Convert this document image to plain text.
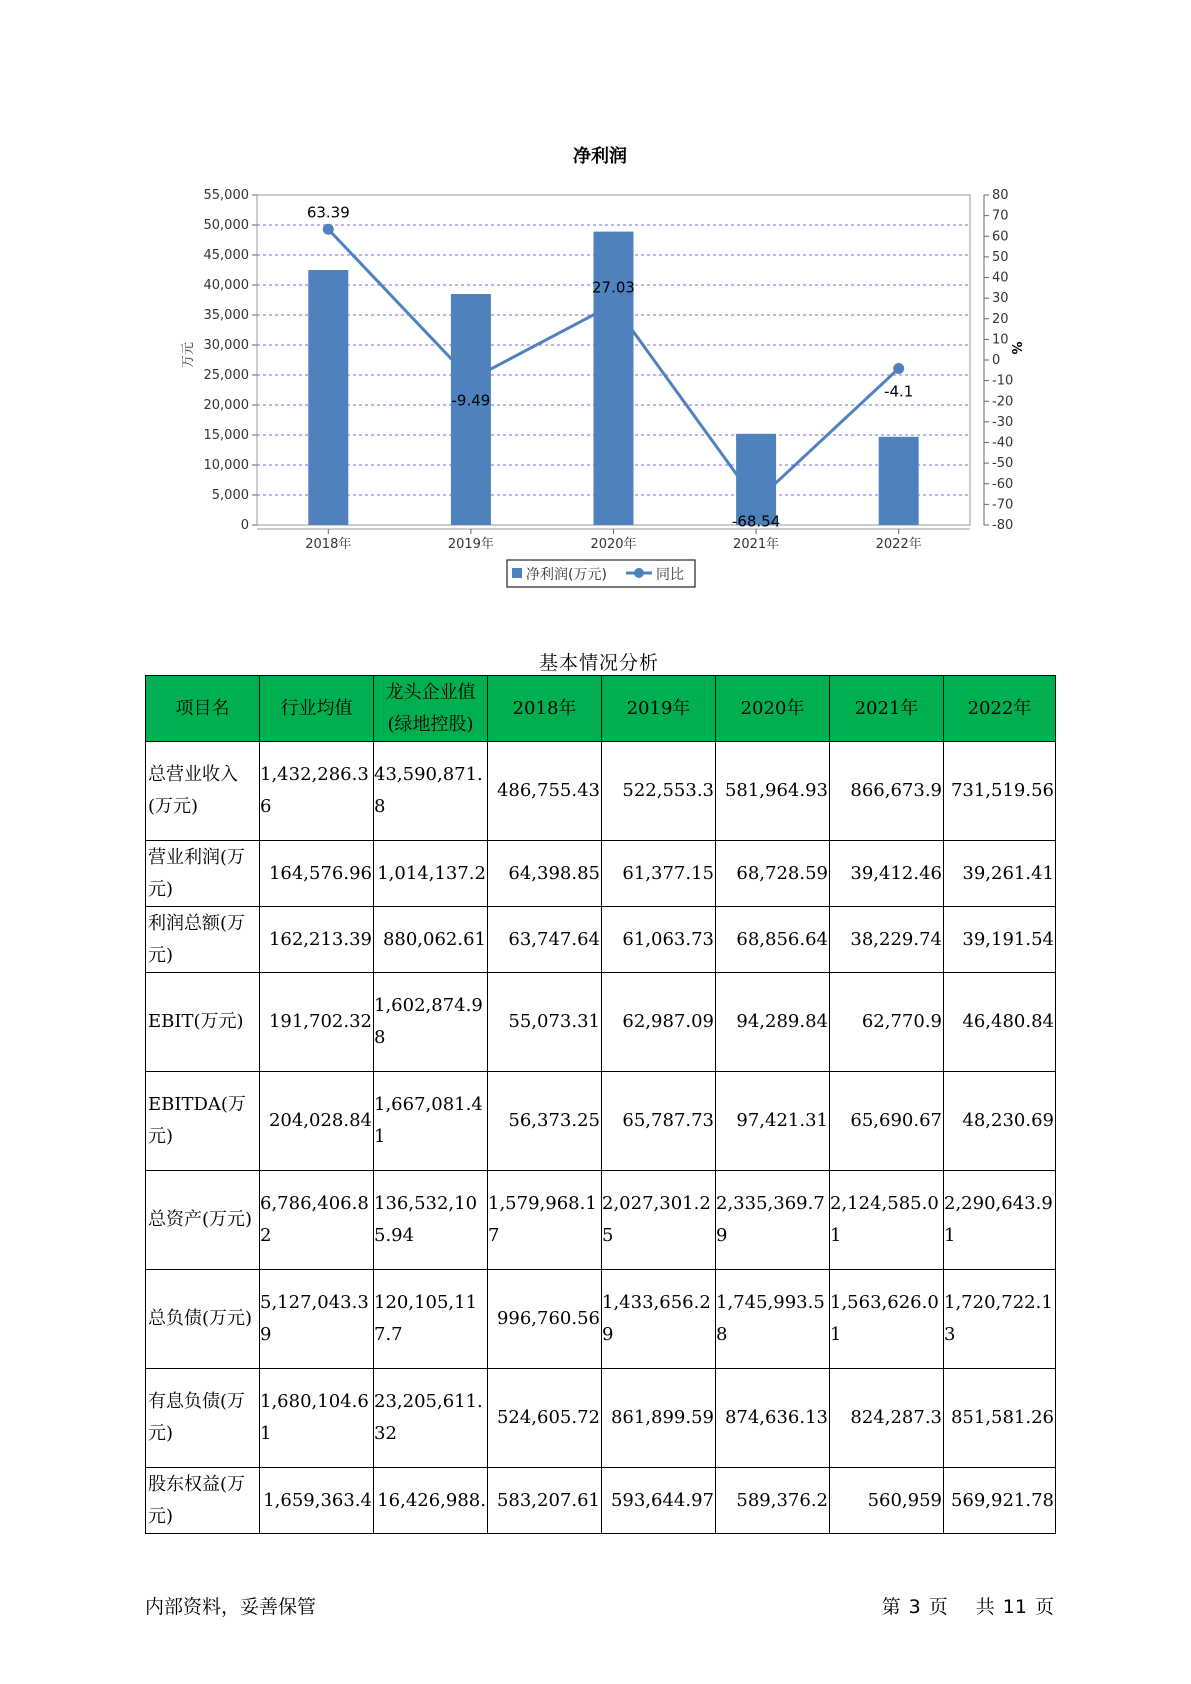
净利润
0
5,000
10,000
15,000
20,000
25,000
30,000
35,000
40,000
45,000
50,000
55,000
-80
-70
-60
-50
-40
-30
-20
-10
0
10
20
30
40
50
60
70
80
2018年	2019年	2020年	2021年	2022年
63.39
-9.49
27.03
-68.54
-4.1
万元	%
净利润(万元)	同比
基本情况分析
项目名	行业均值	龙头企业值(绿地控股)	2018年	2019年	2020年	2021年	2022年
总营业收入(万元)	1,432,286.36	43,590,871.8	486,755.43	522,553.3	581,964.93	866,673.9	731,519.56
营业利润(万元)	164,576.96	1,014,137.2	64,398.85	61,377.15	68,728.59	39,412.46	39,261.41
利润总额(万元)	162,213.39	880,062.61	63,747.64	61,063.73	68,856.64	38,229.74	39,191.54
EBIT(万元)	191,702.32	1,602,874.98	55,073.31	62,987.09	94,289.84	62,770.9	46,480.84
EBITDA(万元)	204,028.84	1,667,081.41	56,373.25	65,787.73	97,421.31	65,690.67	48,230.69
总资产(万元)	6,786,406.82	136,532,105.94	1,579,968.17	2,027,301.25	2,335,369.79	2,124,585.01	2,290,643.91
总负债(万元)	5,127,043.39	120,105,117.7	996,760.56	1,433,656.29	1,745,993.58	1,563,626.01	1,720,722.13
有息负债(万元)	1,680,104.61	23,205,611.32	524,605.72	861,899.59	874,636.13	824,287.3	851,581.26
股东权益(万元)	1,659,363.4	16,426,988.	583,207.61	593,644.97	589,376.2	560,959	569,921.78
内部资料，妥善保管	第 3 页 共 11 页
